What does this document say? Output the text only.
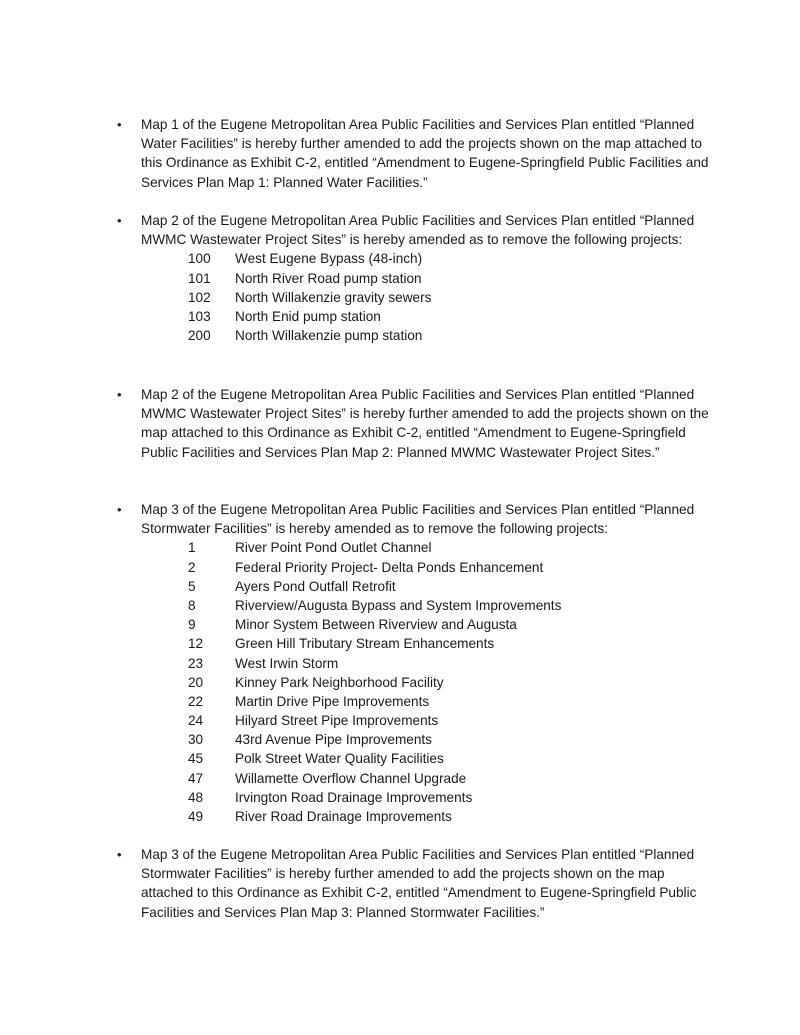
• Map 1 of the Eugene Metropolitan Area Public Facilities and Services Plan entitled “Planned Water Facilities” is hereby further amended to add the projects shown on the map attached to this Ordinance as Exhibit C-2, entitled “Amendment to Eugene-Springfield Public Facilities and Services Plan Map 1: Planned Water Facilities.”

• Map 2 of the Eugene Metropolitan Area Public Facilities and Services Plan entitled “Planned MWMC Wastewater Project Sites” is hereby amended as to remove the following projects:

100	West Eugene Bypass (48-inch)
101	North River Road pump station
102	North Willakenzie gravity sewers
103	North Enid pump station
200	North Willakenzie pump station
• Map 2 of the Eugene Metropolitan Area Public Facilities and Services Plan entitled “Planned MWMC Wastewater Project Sites” is hereby further amended to add the projects shown on the map attached to this Ordinance as Exhibit C-2, entitled “Amendment to Eugene-Springfield Public Facilities and Services Plan Map 2: Planned MWMC Wastewater Project Sites.”

• Map 3 of the Eugene Metropolitan Area Public Facilities and Services Plan entitled “Planned Stormwater Facilities” is hereby amended as to remove the following projects:

1	River Point Pond Outlet Channel
2	Federal Priority Project- Delta Ponds Enhancement
5	Ayers Pond Outfall Retrofit
8	Riverview/Augusta Bypass and System Improvements
9	Minor System Between Riverview and Augusta
12	Green Hill Tributary Stream Enhancements
23	West Irwin Storm
20	Kinney Park Neighborhood Facility
22	Martin Drive Pipe Improvements
24	Hilyard Street Pipe Improvements
30	43rd Avenue Pipe Improvements
45	Polk Street Water Quality Facilities
47	Willamette Overflow Channel Upgrade
48	Irvington Road Drainage Improvements
49	River Road Drainage Improvements
• Map 3 of the Eugene Metropolitan Area Public Facilities and Services Plan entitled “Planned Stormwater Facilities” is hereby further amended to add the projects shown on the map attached to this Ordinance as Exhibit C-2, entitled “Amendment to Eugene-Springfield Public Facilities and Services Plan Map 3: Planned Stormwater Facilities.”
